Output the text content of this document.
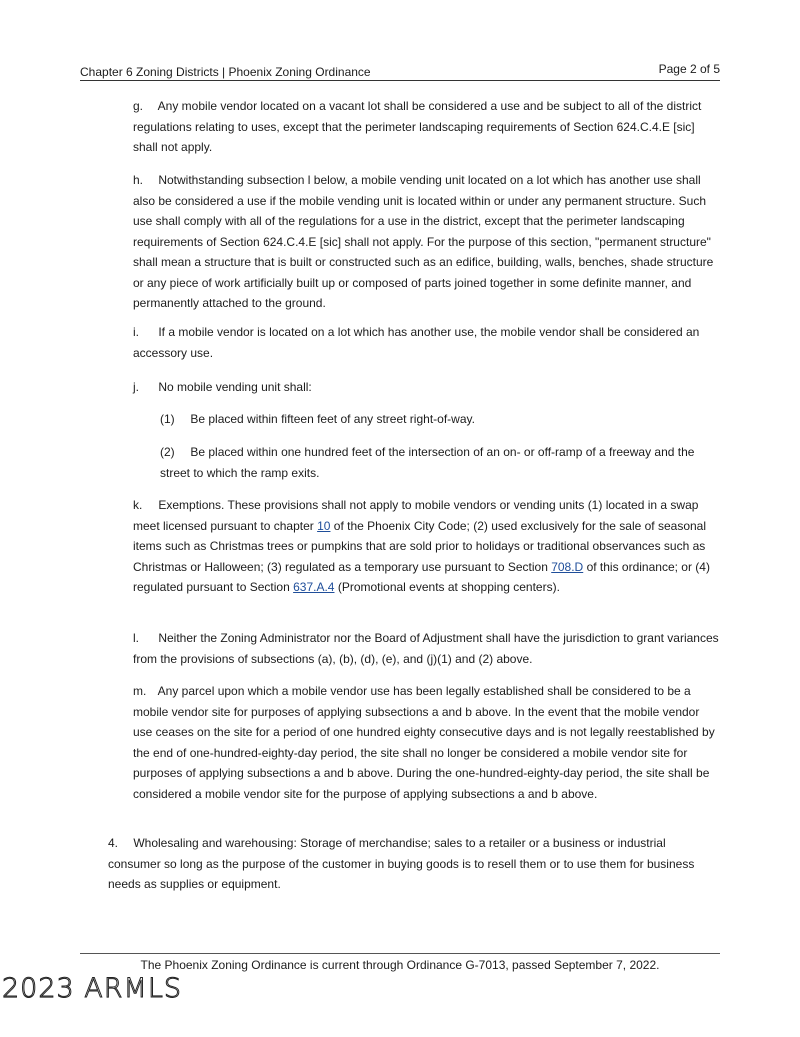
Chapter 6 Zoning Districts | Phoenix Zoning Ordinance	Page 2 of 5

g. Any mobile vendor located on a vacant lot shall be considered a use and be subject to all of the district regulations relating to uses, except that the perimeter landscaping requirements of Section 624.C.4.E [sic] shall not apply.

h. Notwithstanding subsection l below, a mobile vending unit located on a lot which has another use shall also be considered a use if the mobile vending unit is located within or under any permanent structure. Such use shall comply with all of the regulations for a use in the district, except that the perimeter landscaping requirements of Section 624.C.4.E [sic] shall not apply. For the purpose of this section, "permanent structure" shall mean a structure that is built or constructed such as an edifice, building, walls, benches, shade structure or any piece of work artificially built up or composed of parts joined together in some definite manner, and permanently attached to the ground.

i. If a mobile vendor is located on a lot which has another use, the mobile vendor shall be considered an accessory use.

j. No mobile vending unit shall:

(1) Be placed within fifteen feet of any street right-of-way.

(2) Be placed within one hundred feet of the intersection of an on- or off-ramp of a freeway and the street to which the ramp exits.

k. Exemptions. These provisions shall not apply to mobile vendors or vending units (1) located in a swap meet licensed pursuant to chapter 10 of the Phoenix City Code; (2) used exclusively for the sale of seasonal items such as Christmas trees or pumpkins that are sold prior to holidays or traditional observances such as Christmas or Halloween; (3) regulated as a temporary use pursuant to Section 708.D of this ordinance; or (4) regulated pursuant to Section 637.A.4 (Promotional events at shopping centers).

l. Neither the Zoning Administrator nor the Board of Adjustment shall have the jurisdiction to grant variances from the provisions of subsections (a), (b), (d), (e), and (j)(1) and (2) above.

m. Any parcel upon which a mobile vendor use has been legally established shall be considered to be a mobile vendor site for purposes of applying subsections a and b above. In the event that the mobile vendor use ceases on the site for a period of one hundred eighty consecutive days and is not legally reestablished by the end of one-hundred-eighty-day period, the site shall no longer be considered a mobile vendor site for purposes of applying subsections a and b above. During the one-hundred-eighty-day period, the site shall be considered a mobile vendor site for the purpose of applying subsections a and b above.

4. Wholesaling and warehousing: Storage of merchandise; sales to a retailer or a business or industrial consumer so long as the purpose of the customer in buying goods is to resell them or to use them for business needs as supplies or equipment.

The Phoenix Zoning Ordinance is current through Ordinance G-7013, passed September 7, 2022.
2023 ARMLS
